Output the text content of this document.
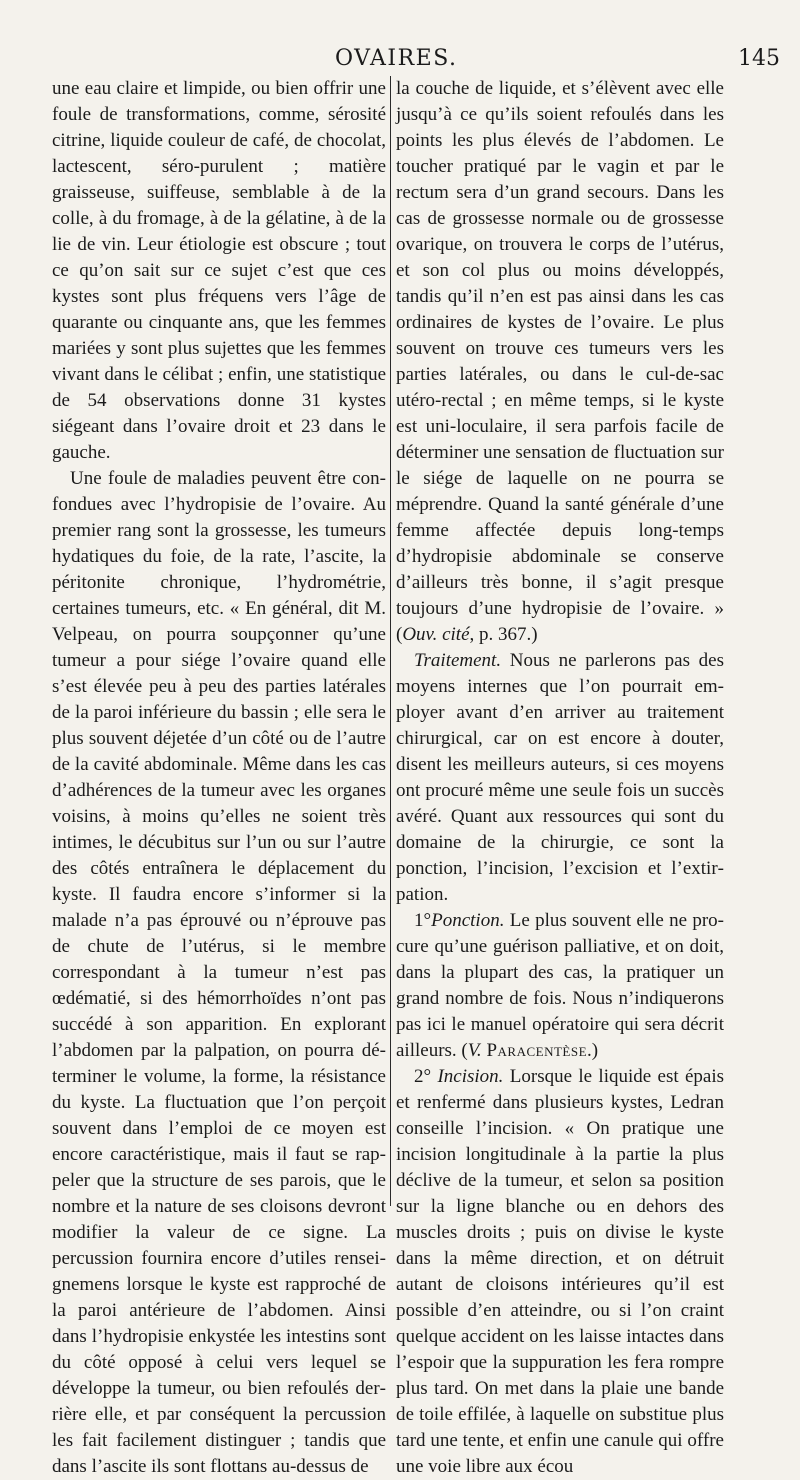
OVAIRES.	145

une eau claire et limpide, ou bien offrir une foule de transformations, comme, sérosité citrine, liquide couleur de café, de chocolat, lactescent, séro-purulent ; matière graisseuse, suiffeuse, semblable à de la colle, à du fromage, à de la gélatine, à de la lie de vin. Leur étiologie est obscure ; tout ce qu’on sait sur ce sujet c’est que ces kystes sont plus fréquens vers l’âge de quarante ou cinquante ans, que les femmes mariées y sont plus sujettes que les femmes vivant dans le célibat ; enfin, une statistique de 54 observations donne 31 kystes siégeant dans l’ovaire droit et 23 dans le gauche.

Une foule de maladies peuvent être confondues avec l’hydropisie de l’ovaire. Au premier rang sont la grossesse, les tumeurs hydatiques du foie, de la rate, l’ascite, la péritonite chronique, l’hydrométrie, certaines tumeurs, etc. « En général, dit M. Velpeau, on pourra soupçonner qu’une tumeur a pour siége l’ovaire quand elle s’est élevée peu à peu des parties latérales de la paroi inférieure du bassin ; elle sera le plus souvent déjetée d’un côté ou de l’autre de la cavité abdominale. Même dans les cas d’adhérences de la tumeur avec les organes voisins, à moins qu’elles ne soient très intimes, le décubitus sur l’un ou sur l’autre des côtés entraînera le déplacement du kyste. Il faudra encore s’informer si la malade n’a pas éprouvé ou n’éprouve pas de chute de l’utérus, si le membre correspondant à la tumeur n’est pas œdématié, si des hémorrhoïdes n’ont pas succédé à son apparition. En explorant l’abdomen par la palpation, on pourra déterminer le volume, la forme, la résistance du kyste. La fluctuation que l’on perçoit souvent dans l’emploi de ce moyen est encore caractéristique, mais il faut se rappeler que la structure de ses parois, que le nombre et la nature de ses cloisons devront modifier la valeur de ce signe. La percussion fournira encore d’utiles renseignemens lorsque le kyste est rapproché de la paroi antérieure de l’abdomen. Ainsi dans l’hydropisie enkystée les intestins sont du côté opposé à celui vers lequel se développe la tumeur, ou bien refoulés derrière elle, et par conséquent la percussion les fait facilement distinguer ; tandis que dans l’ascite ils sont flottans au-dessus de

la couche de liquide, et s’élèvent avec elle jusqu’à ce qu’ils soient refoulés dans les points les plus élevés de l’abdomen. Le toucher pratiqué par le vagin et par le rectum sera d’un grand secours. Dans les cas de grossesse normale ou de grossesse ovarique, on trouvera le corps de l’utérus, et son col plus ou moins développés, tandis qu’il n’en est pas ainsi dans les cas ordinaires de kystes de l’ovaire. Le plus souvent on trouve ces tumeurs vers les parties latérales, ou dans le cul-de-sac utéro-rectal ; en même temps, si le kyste est uni-loculaire, il sera parfois facile de déterminer une sensation de fluctuation sur le siége de laquelle on ne pourra se méprendre. Quand la santé générale d’une femme affectée depuis long-temps d’hydropisie abdominale se conserve d’ailleurs très bonne, il s’agit presque toujours d’une hydropisie de l’ovaire. » (Ouv. cité, p. 367.)

Traitement. Nous ne parlerons pas des moyens internes que l’on pourrait employer avant d’en arriver au traitement chirurgical, car on est encore à douter, disent les meilleurs auteurs, si ces moyens ont procuré même une seule fois un succès avéré. Quant aux ressources qui sont du domaine de la chirurgie, ce sont la ponction, l’incision, l’excision et l’extirpation.

1°Ponction. Le plus souvent elle ne procure qu’une guérison palliative, et on doit, dans la plupart des cas, la pratiquer un grand nombre de fois. Nous n’indiquerons pas ici le manuel opératoire qui sera décrit ailleurs. (V. Paracentèse.)

2° Incision. Lorsque le liquide est épais et renfermé dans plusieurs kystes, Ledran conseille l’incision. « On pratique une incision longitudinale à la partie la plus déclive de la tumeur, et selon sa position sur la ligne blanche ou en dehors des muscles droits ; puis on divise le kyste dans la même direction, et on détruit autant de cloisons intérieures qu’il est possible d’en atteindre, ou si l’on craint quelque accident on les laisse intactes dans l’espoir que la suppuration les fera rompre plus tard. On met dans la plaie une bande de toile effilée, à laquelle on substitue plus tard une tente, et enfin une canule qui offre une voie libre aux écou
